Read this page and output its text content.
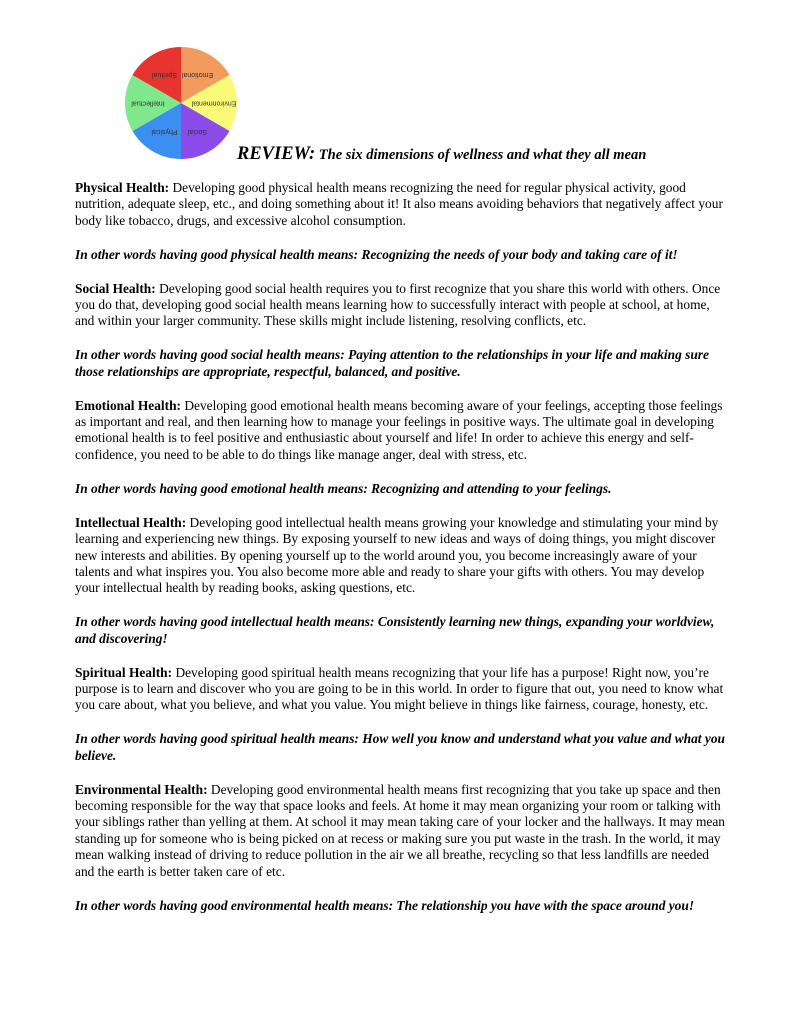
Emotional
Environmental
Social
Physical
Intellectual
Spiritual
REVIEW: The six dimensions of wellness and what they all mean

Physical Health: Developing good physical health means recognizing the need for regular physical activity, good nutrition, adequate sleep, etc., and doing something about it! It also means avoiding behaviors that negatively affect your body like tobacco, drugs, and excessive alcohol consumption.

In other words having good physical health means: Recognizing the needs of your body and taking care of it!

Social Health: Developing good social health requires you to first recognize that you share this world with others. Once you do that, developing good social health means learning how to successfully interact with people at school, at home, and within your larger community. These skills might include listening, resolving conflicts, etc.

In other words having good social health means: Paying attention to the relationships in your life and making sure those relationships are appropriate, respectful, balanced, and positive.

Emotional Health: Developing good emotional health means becoming aware of your feelings, accepting those feelings as important and real, and then learning how to manage your feelings in positive ways. The ultimate goal in developing emotional health is to feel positive and enthusiastic about yourself and life! In order to achieve this energy and self-confidence, you need to be able to do things like manage anger, deal with stress, etc.

In other words having good emotional health means: Recognizing and attending to your feelings.

Intellectual Health: Developing good intellectual health means growing your knowledge and stimulating your mind by learning and experiencing new things. By exposing yourself to new ideas and ways of doing things, you might discover new interests and abilities. By opening yourself up to the world around you, you become increasingly aware of your talents and what inspires you. You also become more able and ready to share your gifts with others. You may develop your intellectual health by reading books, asking questions, etc.

In other words having good intellectual health means: Consistently learning new things, expanding your worldview, and discovering!

Spiritual Health: Developing good spiritual health means recognizing that your life has a purpose! Right now, you’re purpose is to learn and discover who you are going to be in this world. In order to figure that out, you need to know what you care about, what you believe, and what you value. You might believe in things like fairness, courage, honesty, etc.

In other words having good spiritual health means: How well you know and understand what you value and what you believe.

Environmental Health: Developing good environmental health means first recognizing that you take up space and then becoming responsible for the way that space looks and feels. At home it may mean organizing your room or talking with your siblings rather than yelling at them. At school it may mean taking care of your locker and the hallways. It may mean standing up for someone who is being picked on at recess or making sure you put waste in the trash. In the world, it may mean walking instead of driving to reduce pollution in the air we all breathe, recycling so that less landfills are needed and the earth is better taken care of etc.

In other words having good environmental health means: The relationship you have with the space around you!
